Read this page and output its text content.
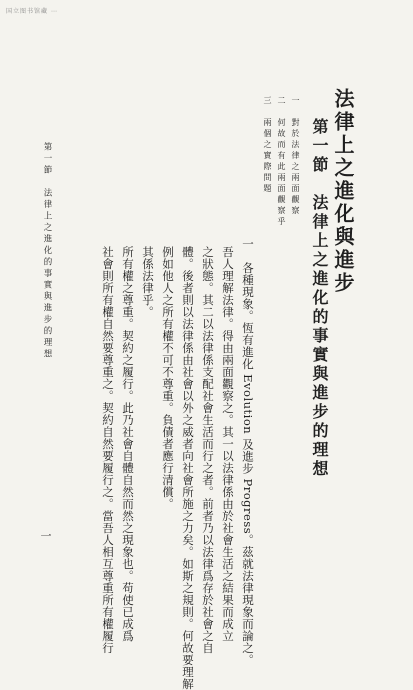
国立图书馆藏 ⋯
法律上之進化與進步
第一節　法律上之進化的事實與進步的理想
一　對於法律之兩面觀察
二　何故而有此兩面觀察乎
三　兩個之實際問題
一　各種現象。恆有進化 Evolution 及進步 Progress。茲就法律現象而論之。
吾人理解法律。得由兩面觀察之。其一以法律係由於社會生活之結果而成立
之狀態。其二以法律係支配社會生活而行之者。前者乃以法律爲存於社會之自
體。後者則以法律係由社會以外之威者向社會所施之力矣。如斯之規則。何故要理解
例如他人之所有權不可不尊重。負債者應行清償。
其係法律乎。
所有權之尊重。契約之履行。此乃社會自體自然而然之現象也。苟使已成爲
社會則所有權自然要尊重之。契約自然要履行之。當吾人相互尊重所有權履行
第一節　法律上之進化的事實與進步的理想
一
